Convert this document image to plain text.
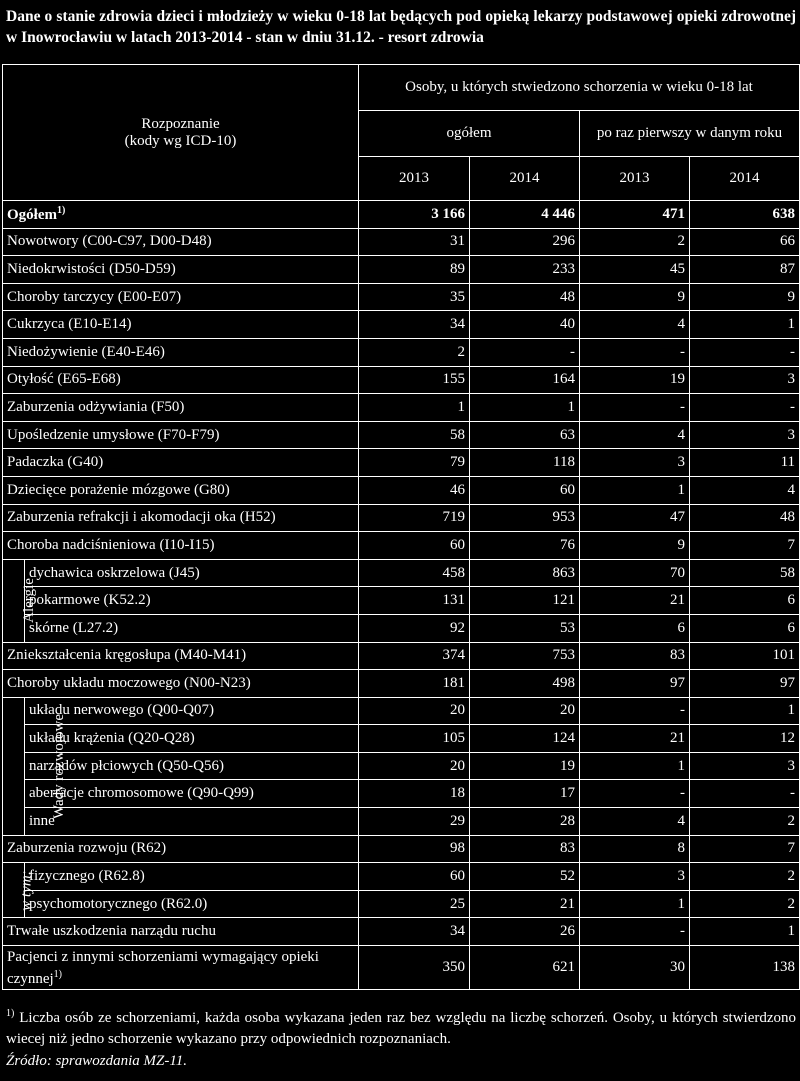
Dane o stanie zdrowia dzieci i młodzieży w wieku 0-18 lat będących pod opieką lekarzy podstawowej opieki zdrowotnej w Inowrocławiu w latach 2013-2014 - stan w dniu 31.12. - resort zdrowia
Rozpoznanie
(kody wg ICD-10)		Osoby, u których stwiedzono schorzenia w wieku 0-18 lat			
		ogółem		po raz pierwszy w danym roku	
		2013	2014	2013	2014
Ogółem$^{1)}$		3 166	4 446	471	638
Nowotwory (C00-C97, D00-D48)		31	296	2	66
Niedokrwistości (D50-D59)		89	233	45	87
Choroby tarczycy (E00-E07)		35	48	9	9
Cukrzyca (E10-E14)		34	40	4	1
Niedożywienie (E40-E46)		2	-	-	-
Otyłość (E65-E68)		155	164	19	3
Zaburzenia odżywiania (F50)		1	1	-	-
Upośledzenie umysłowe (F70-F79)		58	63	4	3
Padaczka (G40)		79	118	3	11
Dziecięce porażenie mózgowe (G80)		46	60	1	4
Zaburzenia refrakcji i akomodacji oka (H52)		719	953	47	48
Choroba nadciśnieniowa (I10-I15)		60	76	9	7
Alergie	dychawica oskrzelowa (J45)	458	863	70	58
	pokarmowe (K52.2)	131	121	21	6
	skórne (L27.2)	92	53	6	6
Zniekształcenia kręgosłupa (M40-M41)		374	753	83	101
Choroby układu moczowego (N00-N23)		181	498	97	97
Wady rozwojowe	układu nerwowego (Q00-Q07)	20	20	-	1
	układu krążenia (Q20-Q28)	105	124	21	12
	narządów płciowych (Q50-Q56)	20	19	1	3
	aberracje chromosomowe (Q90-Q99)	18	17	-	-
	inne	29	28	4	2
Zaburzenia rozwoju (R62)		98	83	8	7
w tym:	fizycznego (R62.8)	60	52	3	2
	psychomotorycznego (R62.0)	25	21	1	2
Trwałe uszkodzenia narządu ruchu		34	26	-	1
Pacjenci z innymi schorzeniami wymagający opieki czynnej$^{1)}$		350	621	30	138
$^{1)}$ Liczba osób ze schorzeniami, każda osoba wykazana jeden raz bez względu na liczbę schorzeń. Osoby, u których stwierdzono wiecej niż jedno schorzenie wykazano przy odpowiednich rozpoznaniach.
Źródło: sprawozdania MZ-11.
